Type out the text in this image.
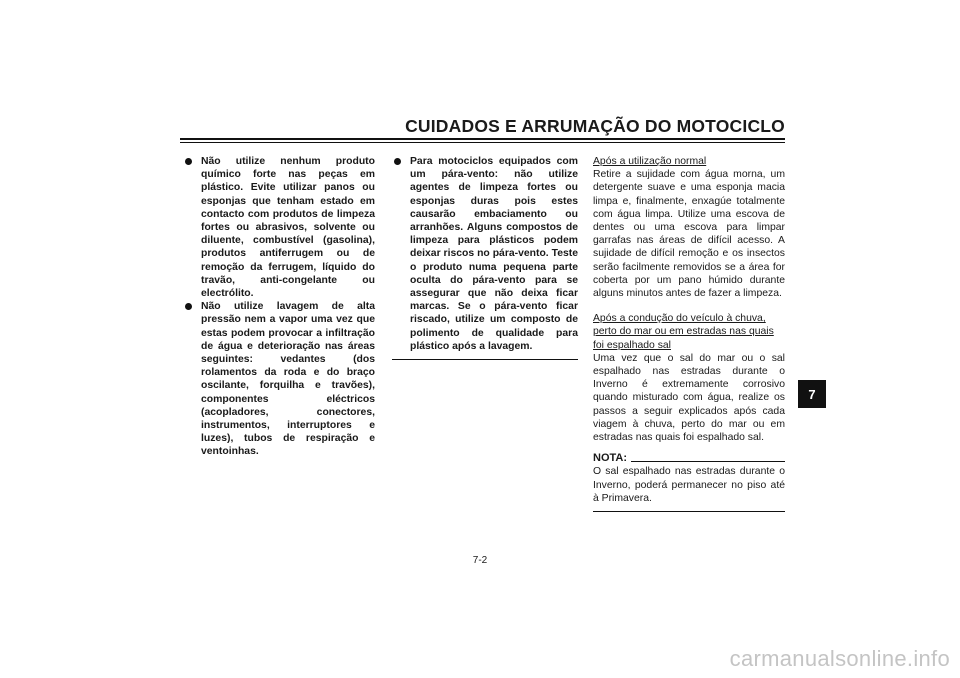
CUIDADOS E ARRUMAÇÃO DO MOTOCICLO
Não utilize nenhum produto químico forte nas peças em plástico. Evite utilizar panos ou esponjas que tenham estado em contacto com produtos de limpeza fortes ou abrasivos, solvente ou diluente, combustível (gasolina), produtos antiferrugem ou de remoção da ferrugem, líquido do travão, anti-congelante ou electrólito.
Não utilize lavagem de alta pressão nem a vapor uma vez que estas podem provocar a infiltração de água e deterioração nas áreas seguintes: vedantes (dos rolamentos da roda e do braço oscilante, forquilha e travões), componentes eléctricos (acopladores, conectores, instrumentos, interruptores e luzes), tubos de respiração e ventoinhas.
Para motociclos equipados com um pára-vento: não utilize agentes de limpeza fortes ou esponjas duras pois estes causarão embaciamento ou arranhões. Alguns compostos de limpeza para plásticos podem deixar riscos no pára-vento. Teste o produto numa pequena parte oculta do pára-vento para se assegurar que não deixa ficar marcas. Se o pára-vento ficar riscado, utilize um composto de polimento de qualidade para plástico após a lavagem.
Após a utilização normal
Retire a sujidade com água morna, um detergente suave e uma esponja macia limpa e, finalmente, enxagúe totalmente com água limpa. Utilize uma escova de dentes ou uma escova para limpar garrafas nas áreas de difícil acesso. A sujidade de difícil remoção e os insectos serão facilmente removidos se a área for coberta por um pano húmido durante alguns minutos antes de fazer a limpeza.
Após a condução do veículo à chuva, perto do mar ou em estradas nas quais foi espalhado sal
Uma vez que o sal do mar ou o sal espalhado nas estradas durante o Inverno é extremamente corrosivo quando misturado com água, realize os passos a seguir explicados após cada viagem à chuva, perto do mar ou em estradas nas quais foi espalhado sal.
NOTA:
O sal espalhado nas estradas durante o Inverno, poderá permanecer no piso até à Primavera.
7
7-2
carmanualsonline.info
